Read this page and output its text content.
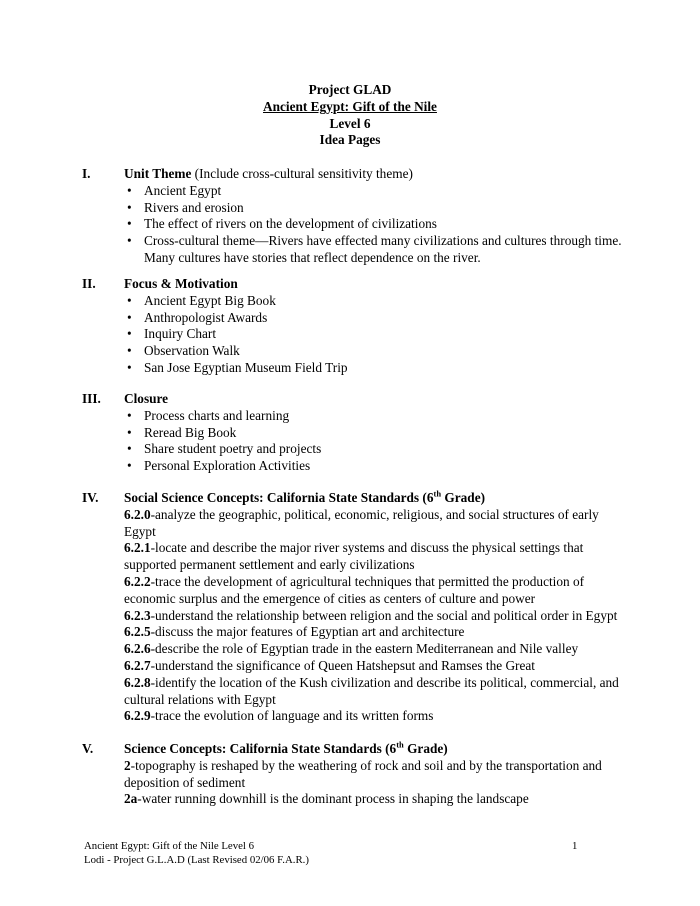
Project GLAD
Ancient Egypt: Gift of the Nile
Level 6
Idea Pages
I.	Unit Theme (Include cross-cultural sensitivity theme)
• Ancient Egypt
• Rivers and erosion
• The effect of rivers on the development of civilizations
• Cross-cultural theme—Rivers have effected many civilizations and cultures through time. Many cultures have stories that reflect dependence on the river.
II. Focus & Motivation
• Ancient Egypt Big Book
• Anthropologist Awards
• Inquiry Chart
• Observation Walk
• San Jose Egyptian Museum Field Trip
III. Closure
• Process charts and learning
• Reread Big Book
• Share student poetry and projects
• Personal Exploration Activities
IV. Social Science Concepts: California State Standards (6th Grade)
6.2.0-analyze the geographic, political, economic, religious, and social structures of early Egypt
6.2.1-locate and describe the major river systems and discuss the physical settings that supported permanent settlement and early civilizations
6.2.2-trace the development of agricultural techniques that permitted the production of economic surplus and the emergence of cities as centers of culture and power
6.2.3-understand the relationship between religion and the social and political order in Egypt
6.2.5-discuss the major features of Egyptian art and architecture
6.2.6-describe the role of Egyptian trade in the eastern Mediterranean and Nile valley
6.2.7-understand the significance of Queen Hatshepsut and Ramses the Great
6.2.8-identify the location of the Kush civilization and describe its political, commercial, and cultural relations with Egypt
6.2.9-trace the evolution of language and its written forms
V. Science Concepts: California State Standards (6th Grade)
2-topography is reshaped by the weathering of rock and soil and by the transportation and deposition of sediment
2a-water running downhill is the dominant process in shaping the landscape
Ancient Egypt: Gift of the Nile Level 6
Lodi - Project G.L.A.D (Last Revised 02/06 F.A.R.)
1
